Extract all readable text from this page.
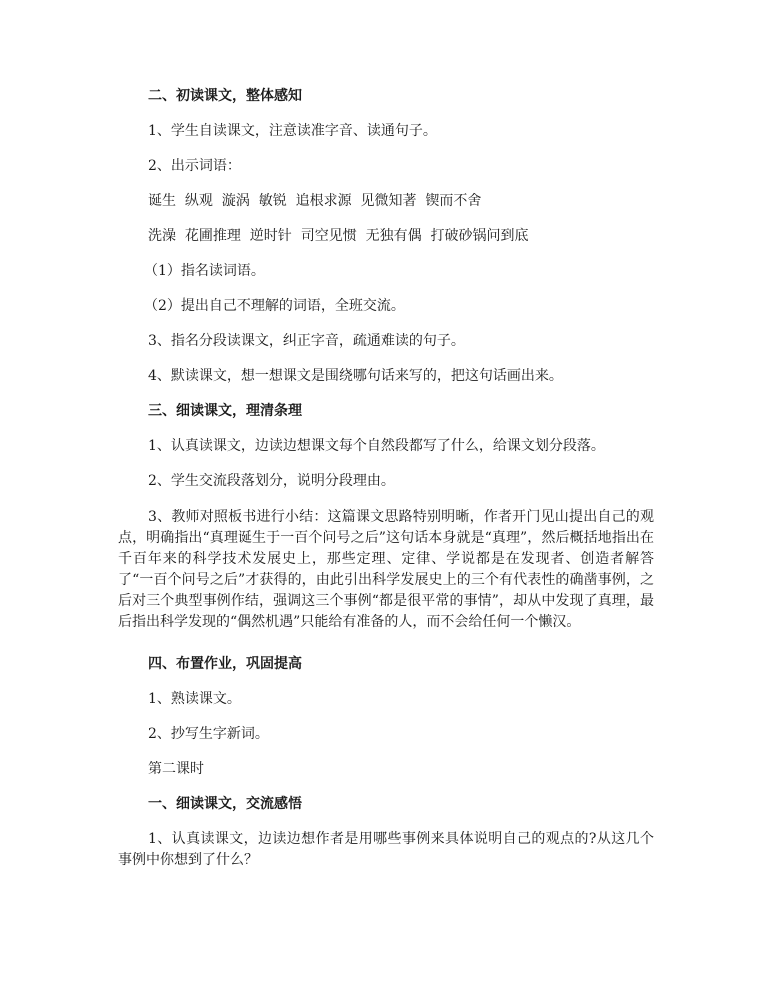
二、初读课文，整体感知
1、学生自读课文，注意读准字音、读通句子。
2、出示词语：
诞生  纵观  漩涡  敏锐  追根求源  见微知著  锲而不舍
洗澡  花圃推理  逆时针  司空见惯  无独有偶  打破砂锅问到底
（1）指名读词语。
（2）提出自己不理解的词语，全班交流。
3、指名分段读课文，纠正字音，疏通难读的句子。
4、默读课文，想一想课文是围绕哪句话来写的，把这句话画出来。
三、细读课文，理清条理
1、认真读课文，边读边想课文每个自然段都写了什么，给课文划分段落。
2、学生交流段落划分，说明分段理由。
3、教师对照板书进行小结：这篇课文思路特别明晰，作者开门见山提出自己的观点，明确指出“真理诞生于一百个问号之后”这句话本身就是“真理”，然后概括地指出在千百年来的科学技术发展史上，那些定理、定律、学说都是在发现者、创造者解答了“一百个问号之后”才获得的，由此引出科学发展史上的三个有代表性的确凿事例，之后对三个典型事例作结，强调这三个事例“都是很平常的事情”，却从中发现了真理，最后指出科学发现的“偶然机遇”只能给有准备的人，而不会给任何一个懒汉。
四、布置作业，巩固提高
1、熟读课文。
2、抄写生字新词。
第二课时
一、细读课文，交流感悟
1、认真读课文，边读边想作者是用哪些事例来具体说明自己的观点的?从这几个事例中你想到了什么？
